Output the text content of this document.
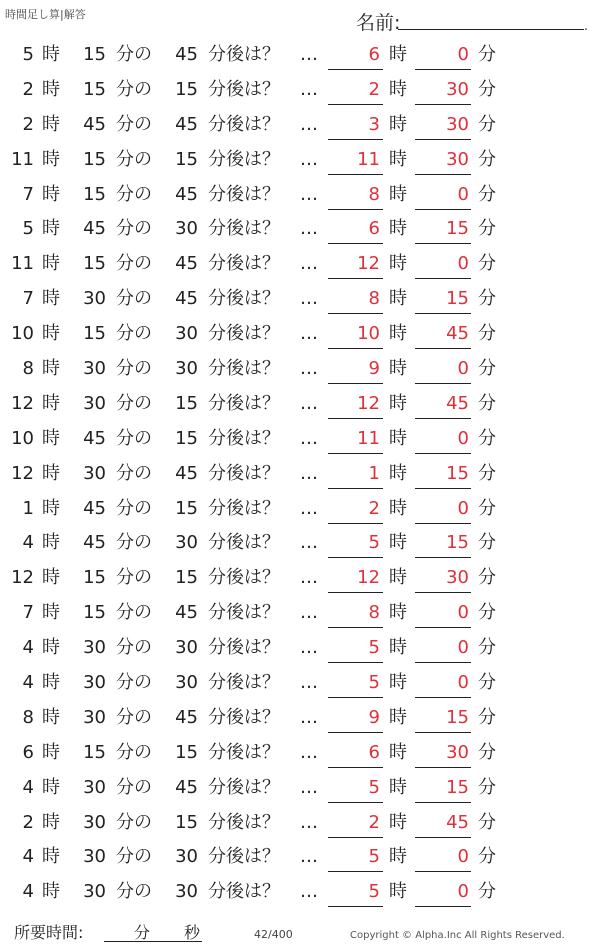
時間足し算|解答	名前:	.
5 時 15 分の 45 分後は？ …	6 時	0 分
2 時 15 分の 15 分後は？ …	2 時	30 分
2 時 45 分の 45 分後は？ …	3 時	30 分
11 時 15 分の 15 分後は？ …	11 時	30 分
7 時 15 分の 45 分後は？ …	8 時	0 分
5 時 45 分の 30 分後は？ …	6 時	15 分
11 時 15 分の 45 分後は？ …	12 時	0 分
7 時 30 分の 45 分後は？ …	8 時	15 分
10 時 15 分の 30 分後は？ …	10 時	45 分
8 時 30 分の 30 分後は？ …	9 時	0 分
12 時 30 分の 15 分後は？ …	12 時	45 分
10 時 45 分の 15 分後は？ …	11 時	0 分
12 時 30 分の 45 分後は？ …	1 時	15 分
1 時 45 分の 15 分後は？ …	2 時	0 分
4 時 45 分の 30 分後は？ …	5 時	15 分
12 時 15 分の 15 分後は？ …	12 時	30 分
7 時 15 分の 45 分後は？ …	8 時	0 分
4 時 30 分の 30 分後は？ …	5 時	0 分
4 時 30 分の 30 分後は？ …	5 時	0 分
8 時 30 分の 45 分後は？ …	9 時	15 分
6 時 15 分の 15 分後は？ …	6 時	30 分
4 時 30 分の 45 分後は？ …	5 時	15 分
2 時 30 分の 15 分後は？ …	2 時	45 分
4 時 30 分の 30 分後は？ …	5 時	0 分
4 時 30 分の 30 分後は？ …	5 時	0 分
所要時間:	分 秒	42/400	Copyright © Alpha.Inc All Rights Reserved.
